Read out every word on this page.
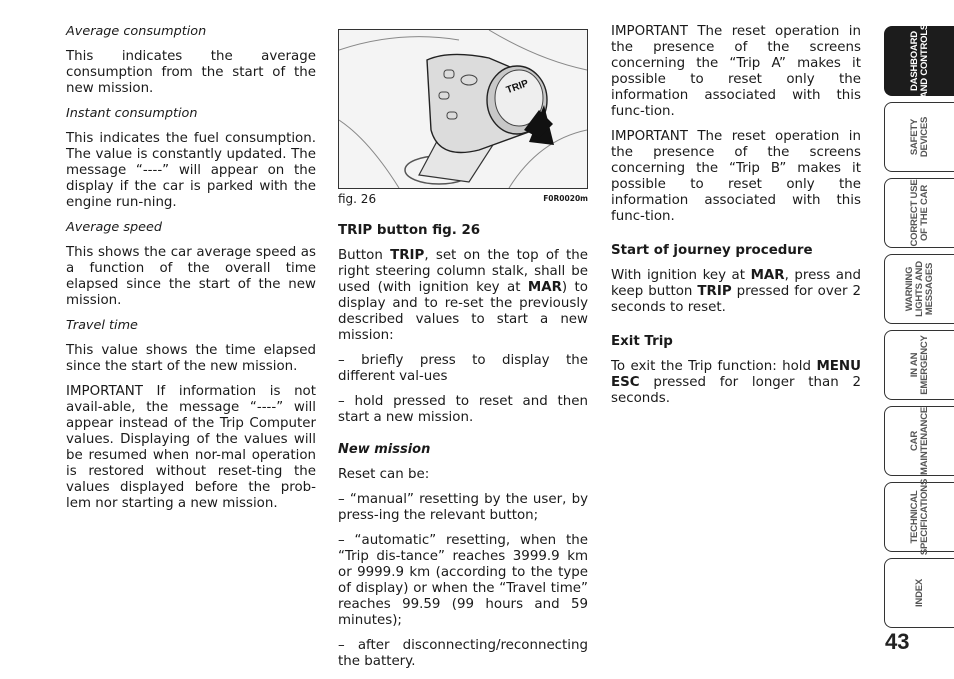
Average consumption

This indicates the average consumption from the start of the new mission.

Instant consumption

This indicates the fuel consumption. The value is constantly updated. The message “----” will appear on the display if the car is parked with the engine run-ning.

Average speed

This shows the car average speed as a function of the overall time elapsed since the start of the new mission.

Travel time

This value shows the time elapsed since the start of the new mission.

IMPORTANT If information is not avail-able, the message “----” will appear instead of the Trip Computer values. Displaying of the values will be resumed when nor-mal operation is restored without reset-ting the values displayed before the prob-lem nor starting a new mission.

TRIP
fig. 26	F0R0020m

TRIP button fig. 26

Button TRIP, set on the top of the right steering column stalk, shall be used (with ignition key at MAR) to display and to re-set the previously described values to start a new mission:

– briefly press to display the different val-ues

– hold pressed to reset and then start a new mission.

New mission

Reset can be:

– “manual” resetting by the user, by press-ing the relevant button;

– “automatic” resetting, when the “Trip dis-tance” reaches 3999.9 km or 9999.9 km (according to the type of display) or when the “Travel time” reaches 99.59 (99 hours and 59 minutes);

– after disconnecting/reconnecting the battery.

IMPORTANT The reset operation in the presence of the screens concerning the “Trip A” makes it possible to reset only the information associated with this func-tion.

IMPORTANT The reset operation in the presence of the screens concerning the “Trip B” makes it possible to reset only the information associated with this func-tion.

Start of journey procedure

With ignition key at MAR, press and keep button TRIP pressed for over 2 seconds to reset.

Exit Trip

To exit the Trip function: hold MENU ESC pressed for longer than 2 seconds.

DASHBOARD
AND CONTROLS
SAFETY
DEVICES
CORRECT USE
OF THE CAR
WARNING
LIGHTS AND
MESSAGES
IN AN
EMERGENCY
CAR
MAINTENANCE
TECHNICAL
SPECIFICATIONS
INDEX
43
